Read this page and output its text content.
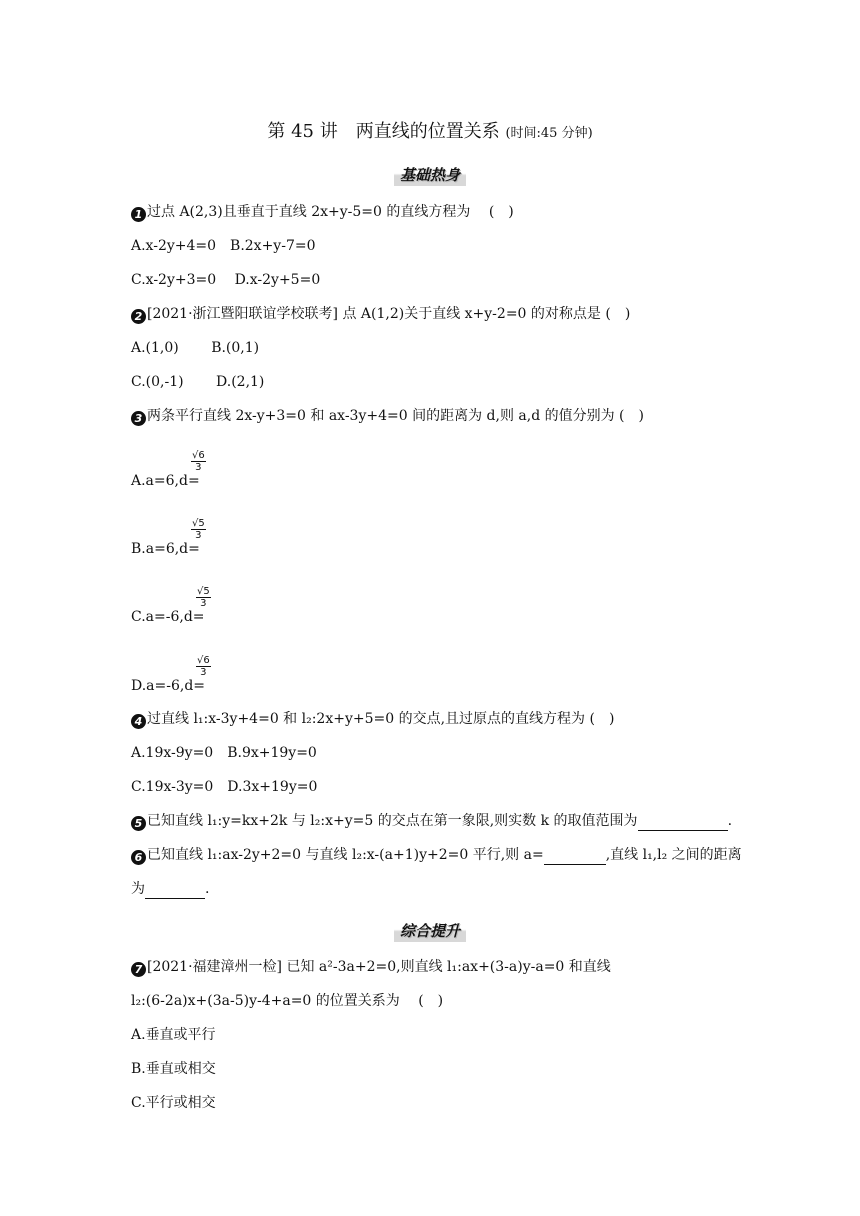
第 45 讲　两直线的位置关系 (时间:45 分钟)
基础热身
1 过点 A(2,3)且垂直于直线 2x+y-5=0 的直线方程为　 (　)
A.x-2y+4=0　B.2x+y-7=0
C.x-2y+3=0　 D.x-2y+5=0
2 [2021·浙江暨阳联谊学校联考] 点 A(1,2)关于直线 x+y-2=0 的对称点是 (　)
A.(1,0)　　 B.(0,1)
C.(0,-1)　　 D.(2,1)
3 两条平行直线 2x-y+3=0 和 ax-3y+4=0 间的距离为 d,则 a,d 的值分别为 (　)
A.a=6,d=
$\frac{√6}{3}$
B.a=6,d=
$\frac{√5}{3}$
C.a=-6,d=
$\frac{√5}{3}$
D.a=-6,d=
$\frac{√6}{3}$
4 过直线 l₁:x-3y+4=0 和 l₂:2x+y+5=0 的交点,且过原点的直线方程为 (　)
A.19x-9y=0　B.9x+19y=0
C.19x-3y=0　D.3x+19y=0
5 已知直线 l₁:y=kx+2k 与 l₂:x+y=5 的交点在第一象限,则实数 k 的取值范围为	.
6 已知直线 l₁:ax-2y+2=0 与直线 l₂:x-(a+1)y+2=0 平行,则 a=	,直线 l₁,l₂ 之间的距离
为	.
综合提升
7 [2021·福建漳州一检] 已知 a²-3a+2=0,则直线 l₁:ax+(3-a)y-a=0 和直线
l₂:(6-2a)x+(3a-5)y-4+a=0 的位置关系为　 (　)
A.垂直或平行
B.垂直或相交
C.平行或相交
